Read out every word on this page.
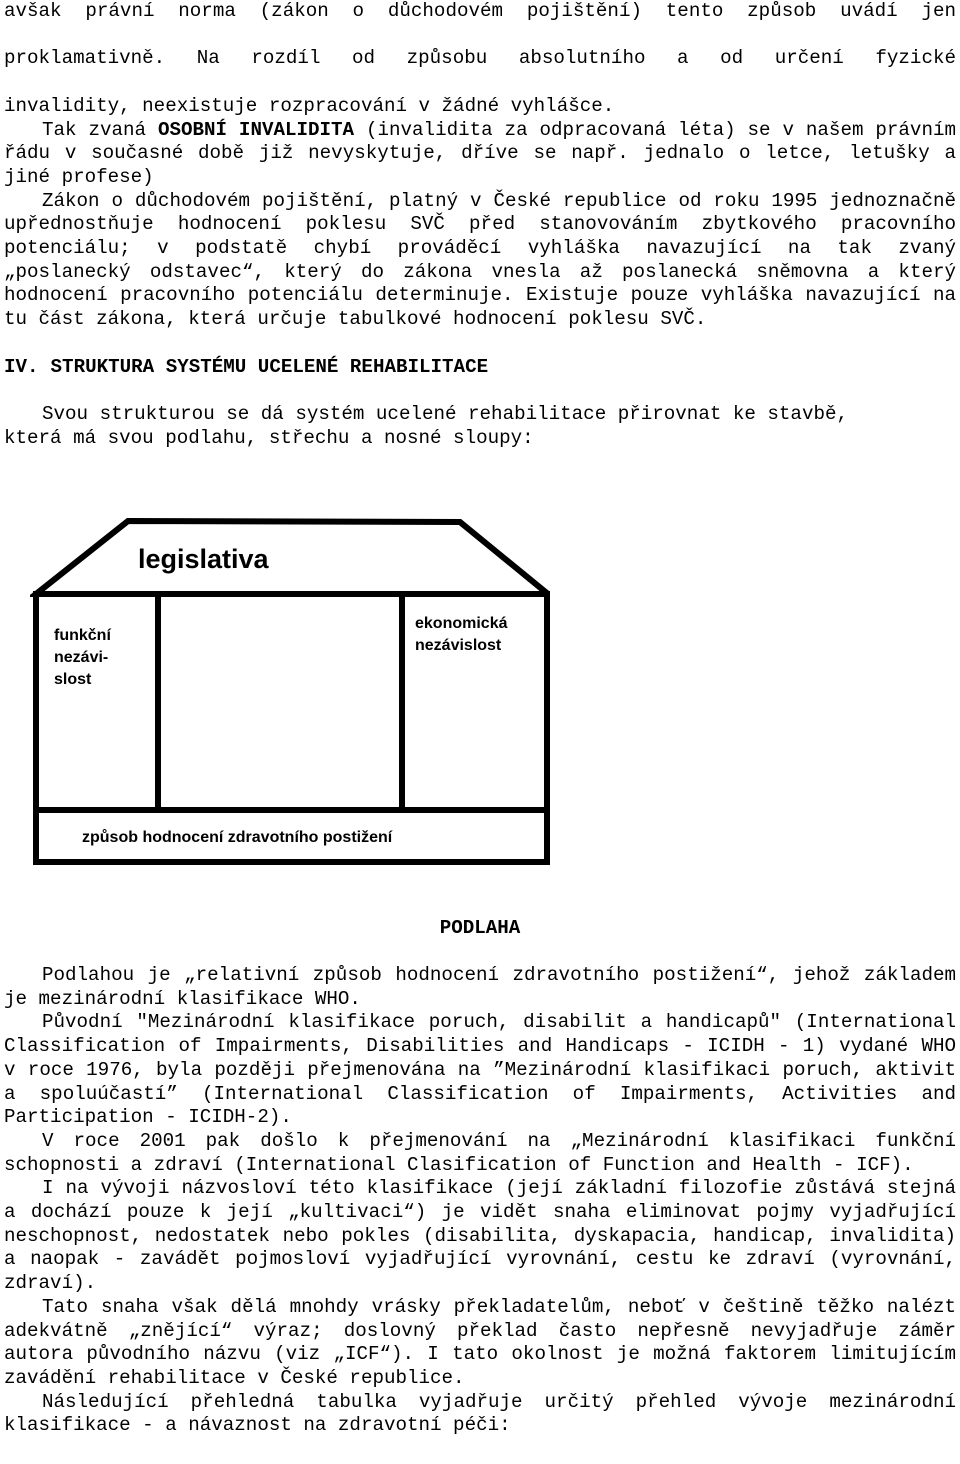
avšak právní norma (zákon o důchodovém pojištění) tento způsob uvádí jen

proklamativně. Na rozdíl od způsobu absolutního a od určení fyzické

invalidity, neexistuje rozpracování v žádné vyhlášce.

Tak zvaná OSOBNÍ INVALIDITA (invalidita za odpracovaná léta) se v našem právním řádu v současné době již nevyskytuje, dříve se např. jednalo o letce, letušky a jiné profese)

Zákon o důchodovém pojištění, platný v České republice od roku 1995 jednoznačně upřednostňuje hodnocení poklesu SVČ před stanovováním zbytkového pracovního potenciálu; v podstatě chybí prováděcí vyhláška navazující na tak zvaný „poslanecký odstavec“, který do zákona vnesla až poslanecká sněmovna a který hodnocení pracovního potenciálu determinuje. Existuje pouze vyhláška navazující na tu část zákona, která určuje tabulkové hodnocení poklesu SVČ.

IV. STRUKTURA SYSTÉMU UCELENÉ REHABILITACE

Svou strukturou se dá systém ucelené rehabilitace přirovnat ke stavbě,

která má svou podlahu, střechu a nosné sloupy:

legislativa
funkční nezávi- slost
ekonomická nezávislost
způsob hodnocení zdravotního postižení

PODLAHA

Podlahou je „relativní způsob hodnocení zdravotního postižení“, jehož základem je mezinárodní klasifikace WHO.

Původní "Mezinárodní klasifikace poruch, disabilit a handicapů" (International Classification of Impairments, Disabilities and Handicaps - ICIDH - 1) vydané WHO v roce 1976, byla později přejmenována na ”Mezinárodní klasifikaci poruch, aktivit a spoluúčastí” (International Classification of Impairments, Activities and Participation - ICIDH-2).

V roce 2001 pak došlo k přejmenování na „Mezinárodní klasifikaci funkční schopnosti a zdraví (International Clasification of Function and Health - ICF).

I na vývoji názvosloví této klasifikace (její základní filozofie zůstává stejná a dochází pouze k její „kultivaci“) je vidět snaha eliminovat pojmy vyjadřující neschopnost, nedostatek nebo pokles (disabilita, dyskapacia, handicap, invalidita) a naopak - zavádět pojmosloví vyjadřující vyrovnání, cestu ke zdraví (vyrovnání, zdraví).

Tato snaha však dělá mnohdy vrásky překladatelům, neboť v češtině těžko nalézt adekvátně „znějící“ výraz; doslovný překlad často nepřesně nevyjadřuje záměr autora původního názvu (viz „ICF“). I tato okolnost je možná faktorem limitujícím zavádění rehabilitace v České republice.

Následující přehledná tabulka vyjadřuje určitý přehled vývoje mezinárodní klasifikace - a návaznost na zdravotní péči:
